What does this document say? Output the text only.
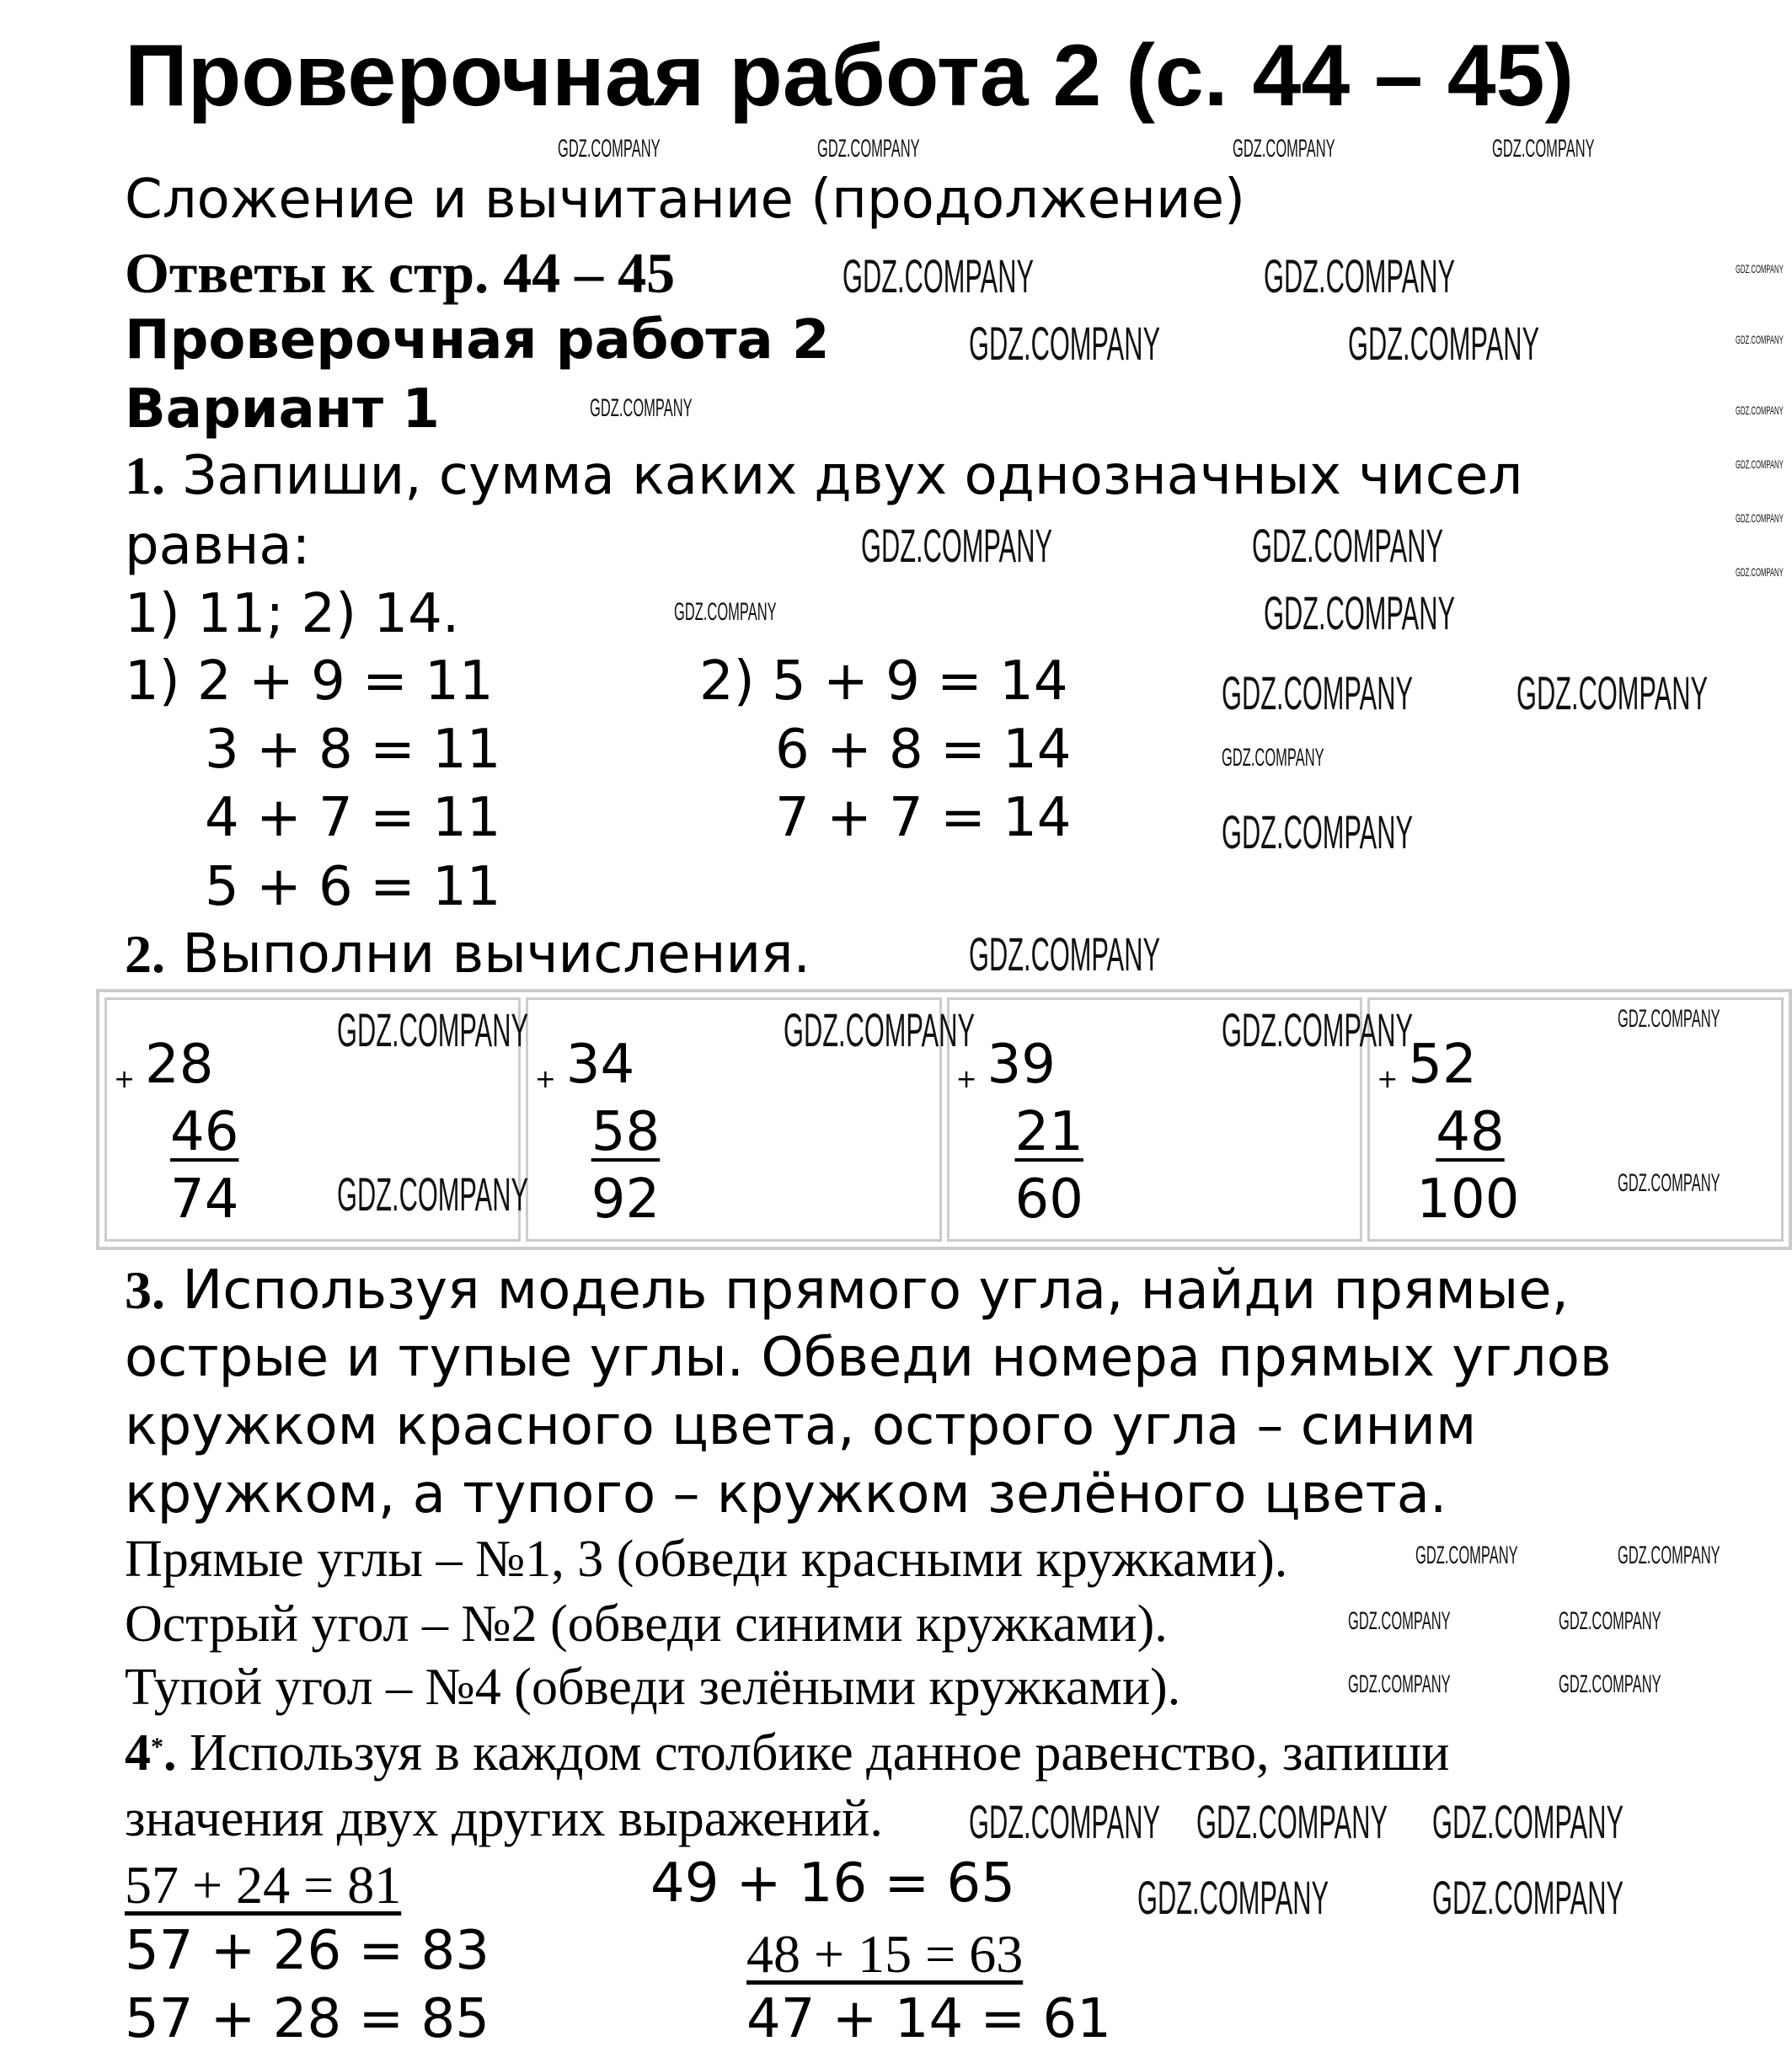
Проверочная работа 2 (с. 44 – 45)
Сложение и вычитание (продолжение)
Ответы к стр. 44 – 45
Проверочная работа 2
Вариант 1
1. Запиши, сумма каких двух однозначных чисел
равна:
1) 11; 2) 14.
1) 2 + 9 = 11
3 + 8 = 11
4 + 7 = 11
5 + 6 = 11
2) 5 + 9 = 14
6 + 8 = 14
7 + 7 = 14
2. Выполни вычисления.
+ 28
46
74

+ 34
58
92

+ 39
21
60

+ 52
48
100
3. Используя модель прямого угла, найди прямые,
острые и тупые углы. Обведи номера прямых углов
кружком красного цвета, острого угла – синим
кружком, а тупого – кружком зелёного цвета.
Прямые углы – №1, 3 (обведи красными кружками).
Острый угол – №2 (обведи синими кружками).
Тупой угол – №4 (обведи зелёными кружками).
4*. Используя в каждом столбике данное равенство, запиши
значения двух других выражений.
57 + 24 = 81
57 + 26 = 83
57 + 28 = 85
49 + 16 = 65
48 + 15 = 63
47 + 14 = 61
GDZ.COMPANY	GDZ.COMPANY	GDZ.COMPANY	GDZ.COMPANY
GDZ.COMPANY	GDZ.COMPANY
GDZ.COMPANY	GDZ.COMPANY
GDZ.COMPANY
GDZ.COMPANY	GDZ.COMPANY
GDZ.COMPANY	GDZ.COMPANY
GDZ.COMPANY GDZ.COMPANY
GDZ.COMPANY
GDZ.COMPANY
GDZ.COMPANY
GDZ.COMPANY	GDZ.COMPANY	GDZ.COMPANY	GDZ.COMPANY
GDZ.COMPANY
GDZ.COMPANY
GDZ.COMPANY	GDZ.COMPANY
GDZ.COMPANY	GDZ.COMPANY
GDZ.COMPANY	GDZ.COMPANY
GDZ.COMPANY GDZ.COMPANY GDZ.COMPANY
GDZ.COMPANY GDZ.COMPANY
GDZ.COMPANY
GDZ.COMPANY
GDZ.COMPANY
GDZ.COMPANY
GDZ.COMPANY
GDZ.COMPANY
